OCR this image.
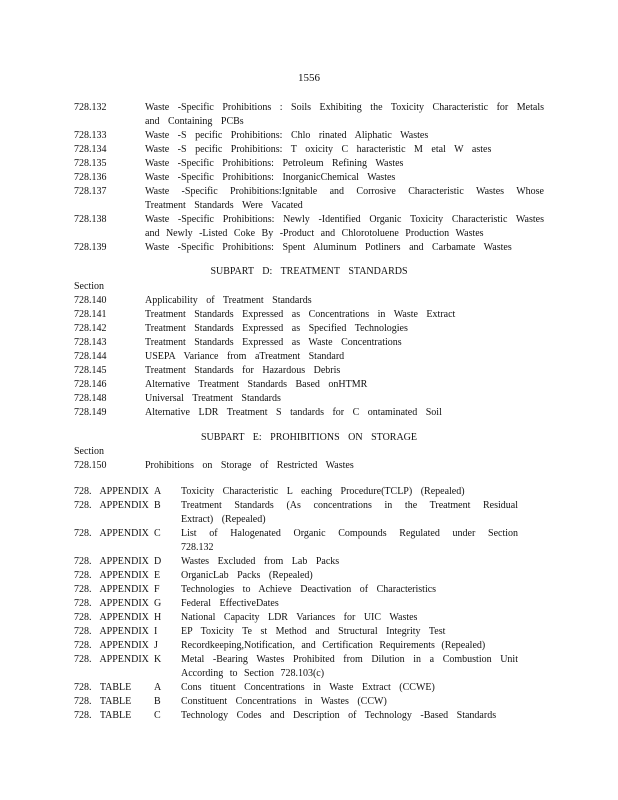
1556
728.132	Waste -Specific Prohibitions : Soils Exhibiting the Toxicity Characteristic for Metals and Containing PCBs
728.133	Waste -S pecific Prohibitions: Chlo rinated Aliphatic Wastes
728.134	Waste -S pecific Prohibitions: T oxicity C haracteristic M etal W astes
728.135	Waste -Specific Prohibitions: Petroleum Refining Wastes
728.136	Waste -Specific Prohibitions: InorganicChemical Wastes
728.137	Waste -Specific Prohibitions:Ignitable and Corrosive Characteristic Wastes Whose Treatment Standards Were Vacated
728.138	Waste -Specific Prohibitions: Newly -Identified Organic Toxicity Characteristic Wastes and Newly -Listed Coke By -Product and Chlorotoluene Production Wastes
728.139	Waste -Specific Prohibitions: Spent Aluminum Potliners and Carbamate Wastes
SUBPART D: TREATMENT STANDARDS
Section
728.140	Applicability of Treatment Standards
728.141	Treatment Standards Expressed as Concentrations in Waste Extract
728.142	Treatment Standards Expressed as Specified Technologies
728.143	Treatment Standards Expressed as Waste Concentrations
728.144	USEPA Variance from aTreatment Standard
728.145	Treatment Standards for Hazardous Debris
728.146	Alternative Treatment Standards Based onHTMR
728.148	Universal Treatment Standards
728.149	Alternative LDR Treatment S tandards for C ontaminated Soil
SUBPART E: PROHIBITIONS ON STORAGE
Section
728.150	Prohibitions on Storage of Restricted Wastes
728. APPENDIX A	Toxicity Characteristic L eaching Procedure(TCLP) (Repealed)
728. APPENDIX B	Treatment Standards (As concentrations in the Treatment Residual Extract) (Repealed)
728. APPENDIX C	List of Halogenated Organic Compounds Regulated under Section 728.132
728. APPENDIX D	Wastes Excluded from Lab Packs
728. APPENDIX E	OrganicLab Packs (Repealed)
728. APPENDIX F	Technologies to Achieve Deactivation of Characteristics
728. APPENDIX G	Federal EffectiveDates
728. APPENDIX H	National Capacity LDR Variances for UIC Wastes
728. APPENDIX I	EP Toxicity Te st Method and Structural Integrity Test
728. APPENDIX J	Recordkeeping,Notification, and Certification Requirements (Repealed)
728. APPENDIX K	Metal -Bearing Wastes Prohibited from Dilution in a Combustion Unit According to Section 728.103(c)
728. TABLE	A	Cons tituent Concentrations in Waste Extract (CCWE)
728. TABLE	B	Constituent Concentrations in Wastes (CCW)
728. TABLE	C	Technology Codes and Description of Technology -Based Standards
